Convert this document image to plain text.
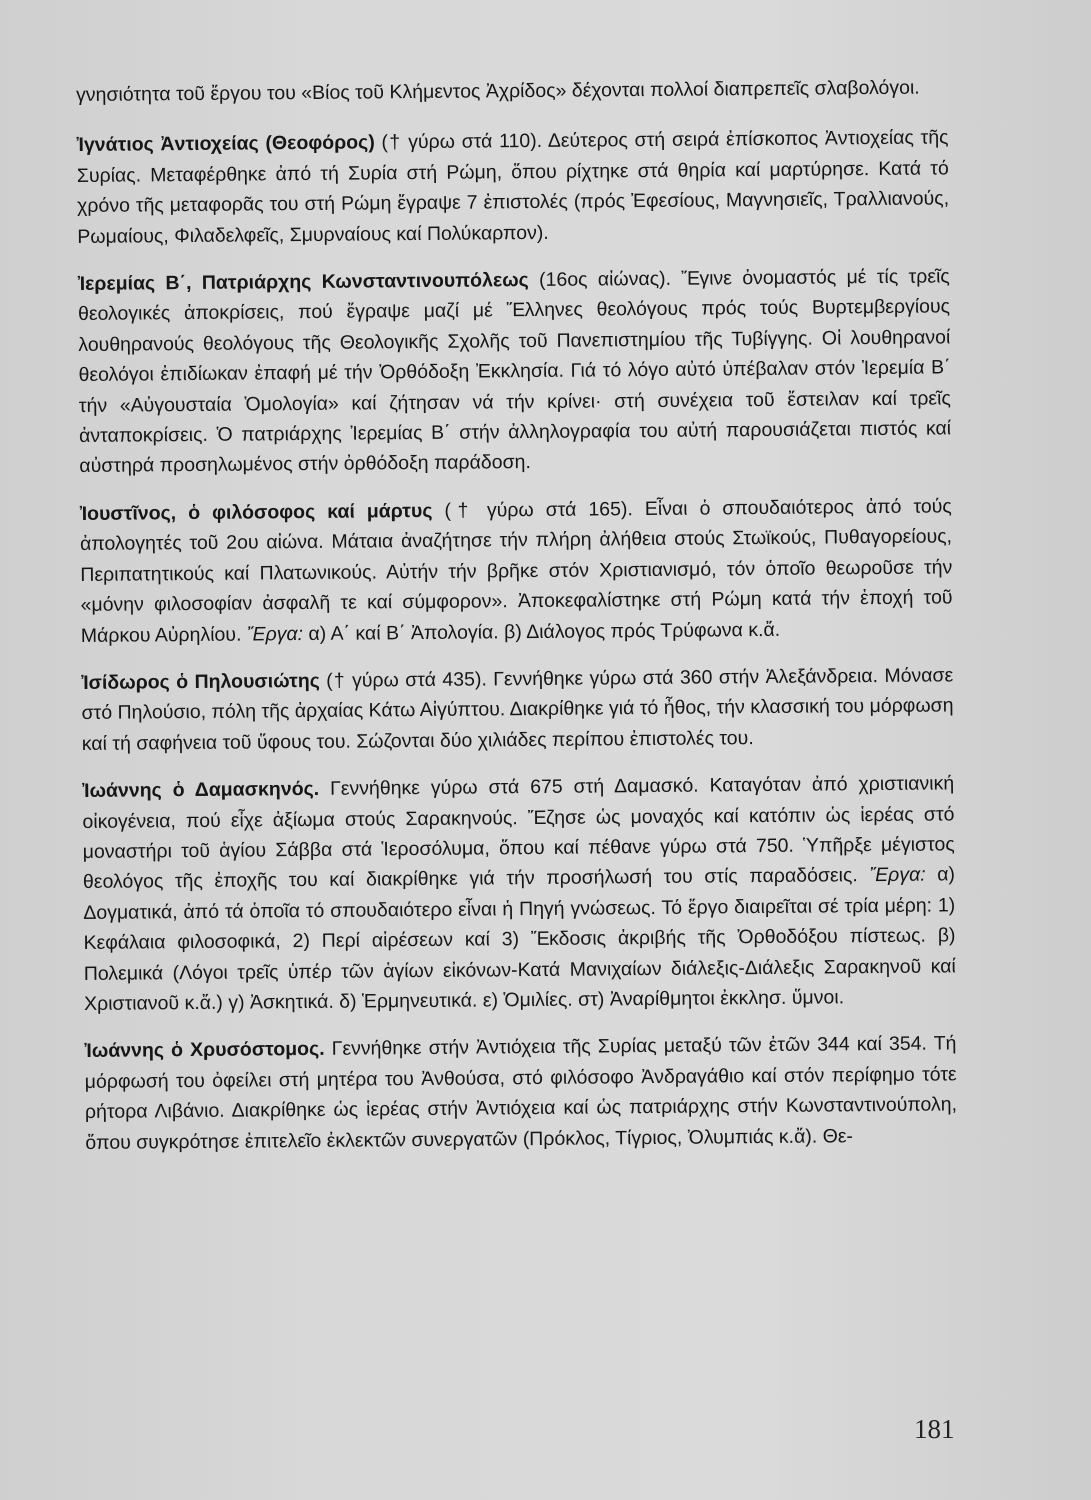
γνησιότητα τοῦ ἔργου του «Βίος τοῦ Κλήμεντος Ἀχρίδος» δέχονται πολλοί διαπρεπεῖς σλαβολόγοι.

Ἰγνάτιος Ἀντιοχείας (Θεοφόρος) († γύρω στά 110). Δεύτερος στή σειρά ἐπίσκοπος Ἀντιοχείας τῆς Συρίας. Μεταφέρθηκε ἀπό τή Συρία στή Ρώμη, ὅπου ρίχτηκε στά θηρία καί μαρτύρησε. Κατά τό χρόνο τῆς μεταφορᾶς του στή Ρώμη ἔγραψε 7 ἐπιστολές (πρός Ἐφεσίους, Μαγνησιεῖς, Τραλλιανούς, Ρωμαίους, Φιλαδελφεῖς, Σμυρναίους καί Πολύκαρπον).

Ἰερεμίας Β΄, Πατριάρχης Κωνσταντινουπόλεως (16ος αἰώνας). Ἔγινε ὀνομαστός μέ τίς τρεῖς θεολογικές ἀποκρίσεις, πού ἔγραψε μαζί μέ Ἕλληνες θεολόγους πρός τούς Βυρτεμβεργίους λουθηρανούς θεολόγους τῆς Θεολογικῆς Σχολῆς τοῦ Πανεπιστημίου τῆς Τυβίγγης. Οἱ λουθηρανοί θεολόγοι ἐπιδίωκαν ἐπαφή μέ τήν Ὀρθόδοξη Ἐκκλησία. Γιά τό λόγο αὐτό ὑπέβαλαν στόν Ἰερεμία Β΄ τήν «Αὐγουσταία Ὁμολογία» καί ζήτησαν νά τήν κρίνει· στή συνέχεια τοῦ ἔστειλαν καί τρεῖς ἀνταποκρίσεις. Ὁ πατριάρχης Ἰερεμίας Β΄ στήν ἀλληλογραφία του αὐτή παρουσιάζεται πιστός καί αὐστηρά προσηλωμένος στήν ὀρθόδοξη παράδοση.

Ἰουστῖνος, ὁ φιλόσοφος καί μάρτυς († γύρω στά 165). Εἶναι ὁ σπουδαιότερος ἀπό τούς ἀπολογητές τοῦ 2ου αἰώνα. Μάταια ἀναζήτησε τήν πλήρη ἀλήθεια στούς Στωϊκούς, Πυθαγορείους, Περιπατητικούς καί Πλατωνικούς. Αὐτήν τήν βρῆκε στόν Χριστιανισμό, τόν ὁποῖο θεωροῦσε τήν «μόνην φιλοσοφίαν ἀσφαλῆ τε καί σύμφορον». Ἀποκεφαλίστηκε στή Ρώμη κατά τήν ἐποχή τοῦ Μάρκου Αὐρηλίου. Ἔργα: α) Α΄ καί Β΄ Ἀπολογία. β) Διάλογος πρός Τρύφωνα κ.ἄ.

Ἰσίδωρος ὁ Πηλουσιώτης († γύρω στά 435). Γεννήθηκε γύρω στά 360 στήν Ἀλεξάνδρεια. Μόνασε στό Πηλούσιο, πόλη τῆς ἀρχαίας Κάτω Αἰγύπτου. Διακρίθηκε γιά τό ἦθος, τήν κλασσική του μόρφωση καί τή σαφήνεια τοῦ ὕφους του. Σώζονται δύο χιλιάδες περίπου ἐπιστολές του.

Ἰωάννης ὁ Δαμασκηνός. Γεννήθηκε γύρω στά 675 στή Δαμασκό. Καταγόταν ἀπό χριστιανική οἰκογένεια, πού εἶχε ἀξίωμα στούς Σαρακηνούς. Ἔζησε ὡς μοναχός καί κατόπιν ὡς ἱερέας στό μοναστήρι τοῦ ἁγίου Σάββα στά Ἱεροσόλυμα, ὅπου καί πέθανε γύρω στά 750. Ὑπῆρξε μέγιστος θεολόγος τῆς ἐποχῆς του καί διακρίθηκε γιά τήν προσήλωσή του στίς παραδόσεις. Ἔργα: α) Δογματικά, ἀπό τά ὁποῖα τό σπουδαιότερο εἶναι ἡ Πηγή γνώσεως. Τό ἔργο διαιρεῖται σέ τρία μέρη: 1) Κεφάλαια φιλοσοφικά, 2) Περί αἱρέσεων καί 3) Ἔκδοσις ἀκριβής τῆς Ὀρθοδόξου πίστεως. β) Πολεμικά (Λόγοι τρεῖς ὑπέρ τῶν ἁγίων εἰκόνων-Κατά Μανιχαίων διάλεξις-Διάλεξις Σαρακηνοῦ καί Χριστιανοῦ κ.ἄ.) γ) Ἀσκητικά. δ) Ἑρμηνευτικά. ε) Ὁμιλίες. στ) Ἀναρίθμητοι ἐκκλησ. ὕμνοι.

Ἰωάννης ὁ Χρυσόστομος. Γεννήθηκε στήν Ἀντιόχεια τῆς Συρίας μεταξύ τῶν ἐτῶν 344 καί 354. Τή μόρφωσή του ὀφείλει στή μητέρα του Ἀνθούσα, στό φιλόσοφο Ἀνδραγάθιο καί στόν περίφημο τότε ρήτορα Λιβάνιο. Διακρίθηκε ὡς ἱερέας στήν Ἀντιόχεια καί ὡς πατριάρχης στήν Κωνσταντινούπολη, ὅπου συγκρότησε ἐπιτελεῖο ἐκλεκτῶν συνεργατῶν (Πρόκλος, Τίγριος, Ὀλυμπιάς κ.ἄ). Θε-

181
